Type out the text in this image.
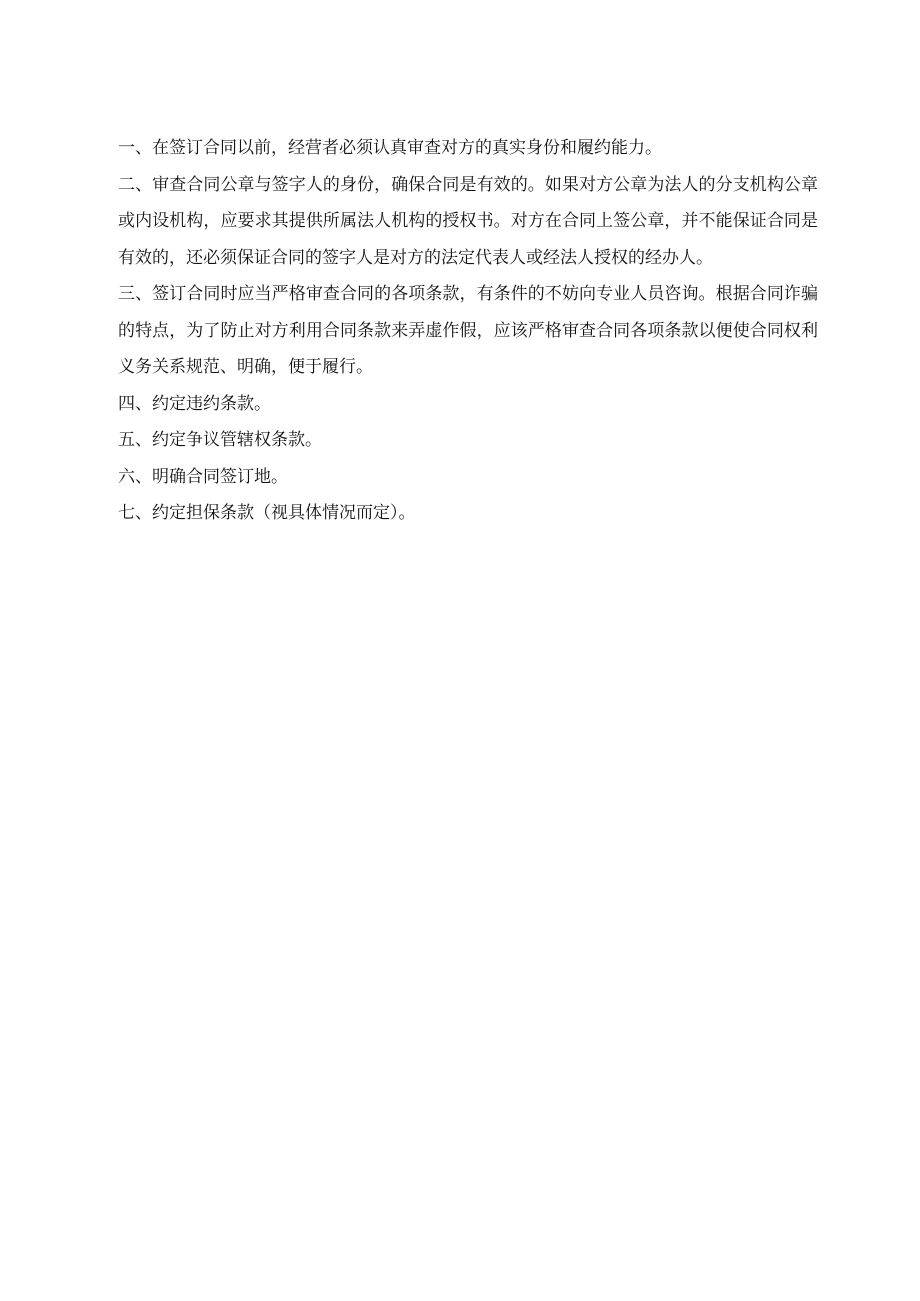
一、在签订合同以前，经营者必须认真审查对方的真实身份和履约能力。

二、审查合同公章与签字人的身份，确保合同是有效的。如果对方公章为法人的分支机构公章或内设机构，应要求其提供所属法人机构的授权书。对方在合同上签公章，并不能保证合同是有效的，还必须保证合同的签字人是对方的法定代表人或经法人授权的经办人。

三、签订合同时应当严格审查合同的各项条款，有条件的不妨向专业人员咨询。根据合同诈骗的特点，为了防止对方利用合同条款来弄虚作假，应该严格审查合同各项条款以便使合同权利义务关系规范、明确，便于履行。

四、约定违约条款。

五、约定争议管辖权条款。

六、明确合同签订地。

七、约定担保条款（视具体情况而定）。
